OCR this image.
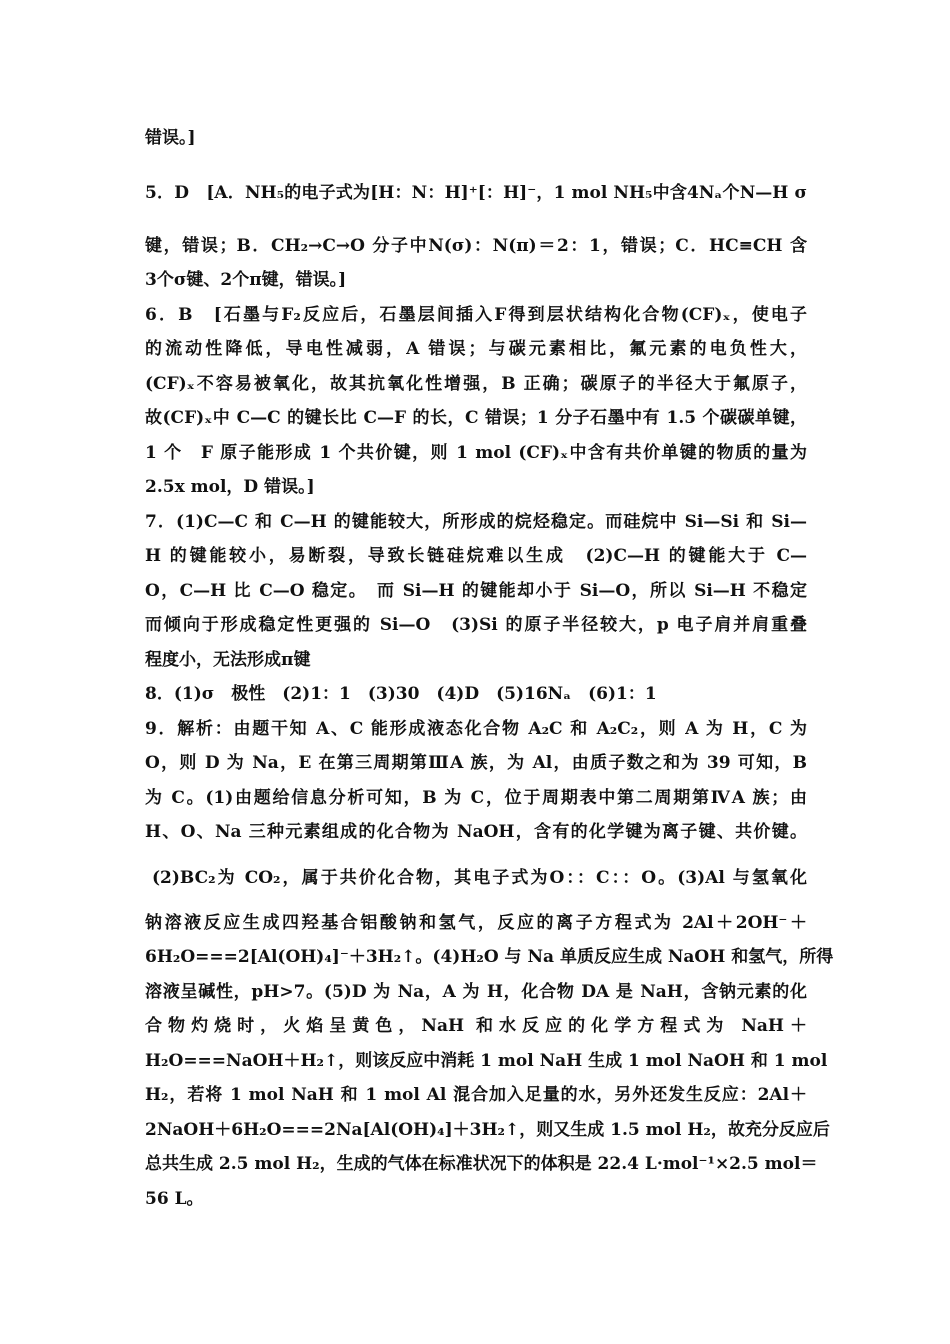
错误。]
5．D　[A．NH₅的电子式为[H：N：H]⁺[：H]⁻，1 mol NH₅中含4Nₐ个N—H σ
键，错误；B．CH₂→C→O 分子中N(σ)：N(π)＝2：1，错误；C．HC≡CH 含
3个σ键、2个π键，错误。]
6．B　[石墨与F₂反应后，石墨层间插入F得到层状结构化合物(CF)ₓ，使电子
的流动性降低，导电性减弱，A 错误；与碳元素相比，氟元素的电负性大，
(CF)ₓ不容易被氧化，故其抗氧化性增强，B 正确；碳原子的半径大于氟原子，
故(CF)ₓ中 C—C 的键长比 C—F 的长，C 错误；1 分子石墨中有 1.5 个碳碳单键，
1 个　F 原子能形成 1 个共价键，则 1 mol (CF)ₓ中含有共价单键的物质的量为
2.5x mol，D 错误。]
7．(1)C—C 和 C—H 的键能较大，所形成的烷烃稳定。而硅烷中 Si—Si 和 Si—
H 的键能较小，易断裂，导致长链硅烷难以生成　(2)C—H 的键能大于 C—
O，C—H 比 C—O 稳定。　而 Si—H 的键能却小于 Si—O，所以 Si—H 不稳定
而倾向于形成稳定性更强的 Si—O　(3)Si 的原子半径较大，p 电子肩并肩重叠
程度小，无法形成π键
8．(1)σ　极性　(2)1：1　(3)30　(4)D　(5)16Nₐ　(6)1：1
9．解析：由题干知 A、C 能形成液态化合物 A₂C 和 A₂C₂，则 A 为 H，C 为
O，则 D 为 Na，E 在第三周期第ⅢA 族，为 Al，由质子数之和为 39 可知，B
为 C。(1)由题给信息分析可知，B 为 C，位于周期表中第二周期第ⅣA 族；由
H、O、Na 三种元素组成的化合物为 NaOH，含有的化学键为离子键、共价键。
(2)BC₂为 CO₂，属于共价化合物，其电子式为O：：C：：O。(3)Al 与氢氧化
钠溶液反应生成四羟基合铝酸钠和氢气，反应的离子方程式为 2Al＋2OH⁻＋
6H₂O===2[Al(OH)₄]⁻＋3H₂↑。(4)H₂O 与 Na 单质反应生成 NaOH 和氢气，所得
溶液呈碱性，pH>7。(5)D 为 Na，A 为 H，化合物 DA 是 NaH，含钠元素的化
合物灼烧时，火焰呈黄色，NaH 和水反应的化学方程式为 NaH＋
H₂O===NaOH＋H₂↑，则该反应中消耗 1 mol NaH 生成 1 mol NaOH 和 1 mol
H₂，若将 1 mol NaH 和 1 mol Al 混合加入足量的水，另外还发生反应：2Al＋
2NaOH＋6H₂O===2Na[Al(OH)₄]＋3H₂↑，则又生成 1.5 mol H₂，故充分反应后
总共生成 2.5 mol H₂，生成的气体在标准状况下的体积是 22.4 L·mol⁻¹×2.5 mol＝
56 L。
